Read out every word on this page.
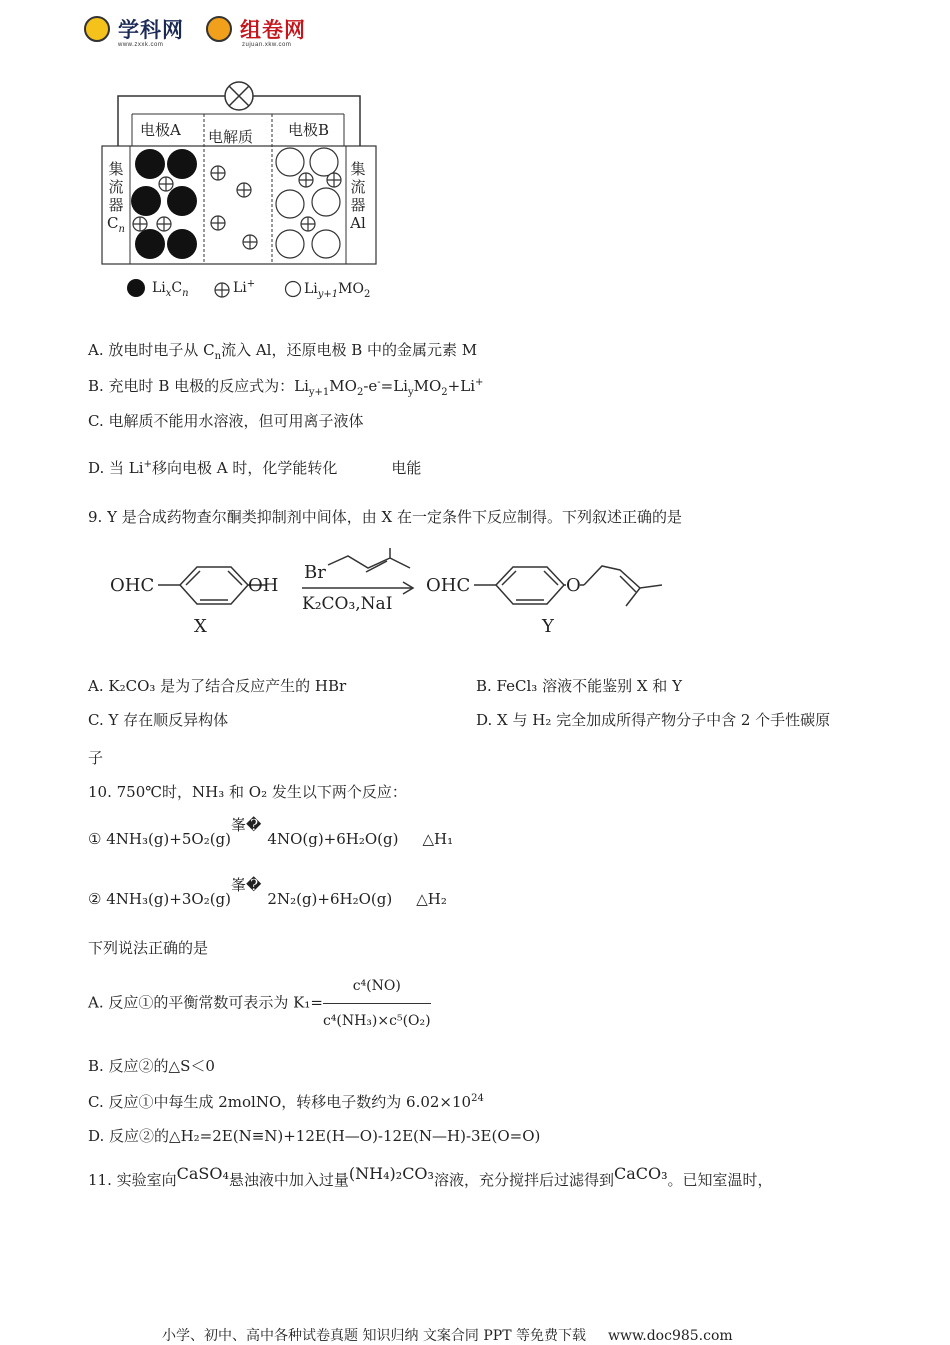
学科网	组卷网
www.zxxk.com	zujuan.xkw.com
电极A 电解质 电极B
集
流
器
$C_n$
集
流
器
Al
$Li_xC_n$	Li+	$Li_{y+1}MO_2$
A. 放电时电子从 $C_n$流入 Al，还原电极 B 中的金属元素 M
B. 充电时 B 电极的反应式为：$Li_{y+1}MO_2-e^-=Li_yMO_2+Li^+$
C. 电解质不能用水溶液，但可用离子液体
D. 当 Li+移向电极 A 时，化学能转化	电能
9. Y 是合成药物查尔酮类抑制剂中间体，由 X 在一定条件下反应制得。下列叙述正确的是
OHC	OH
X
Br
K₂CO₃,NaI
OHC	O
Y
A. K₂CO₃ 是为了结合反应产生的 HBr	B. FeCl₃ 溶液不能鉴别 X 和 Y
C. Y 存在顺反异构体	D. X 与 H₂ 完全加成所得产物分子中含 2 个手性碳原
子
10. 750℃时，NH₃ 和 O₂ 发生以下两个反应：
① 4NH₃(g)+5O₂(g)峯�4NO(g)+6H₂O(g) △H₁
② 4NH₃(g)+3O₂(g)峯�2N₂(g)+6H₂O(g) △H₂
下列说法正确的是
A. 反应①的平衡常数可表示为 $K_1= \frac{\text{c⁴(NO)}}{\text{c⁴(NH₃)×c⁵(O₂)}}$
B. 反应②的△S＜0
C. 反应①中每生成 2molNO，转移电子数约为 $6.02\times 10^{24}$
D. 反应②的△H₂=2E(N≡N)+12E(H—O)-12E(N—H)-3E(O=O)
11. 实验室向CaSO₄悬浊液中加入过量(NH₄)₂CO₃溶液，充分搅拌后过滤得到CaCO₃。已知室温时，
小学、初中、高中各种试卷真题 知识归纳 文案合同 PPT 等免费下载 www.doc985.com
